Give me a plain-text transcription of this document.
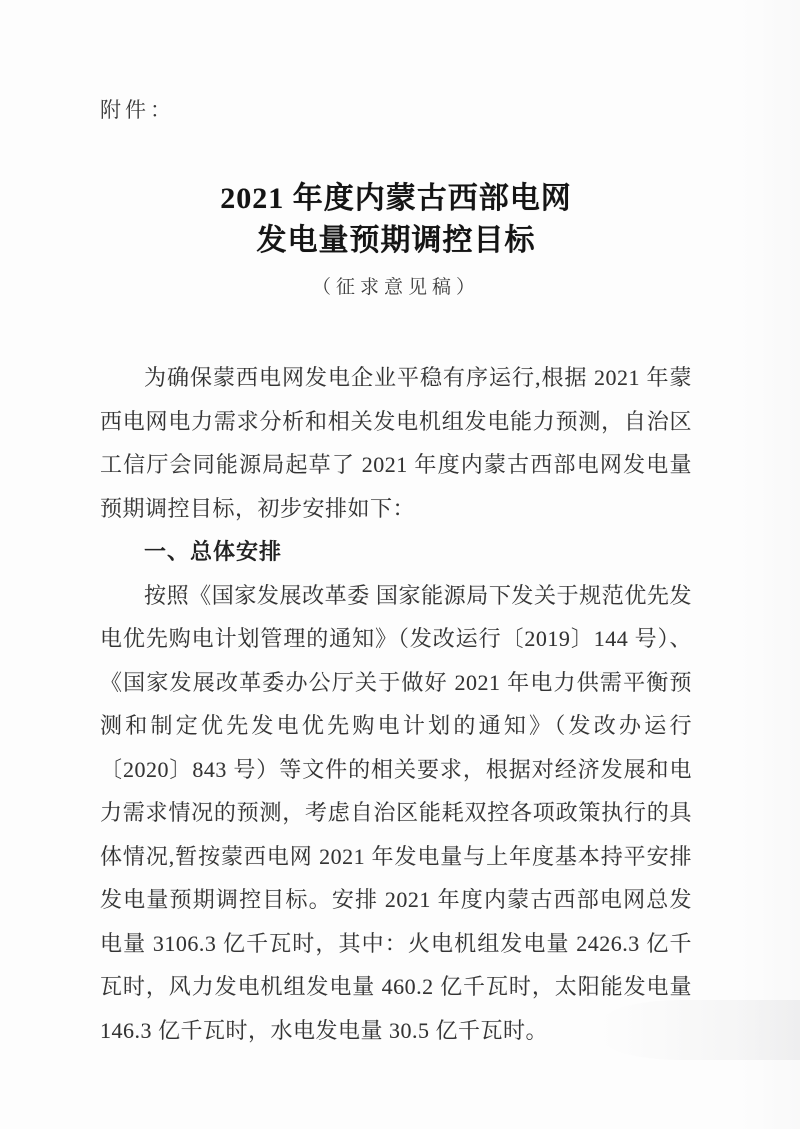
附件：
2021 年度内蒙古西部电网
发电量预期调控目标
（征求意见稿）

为确保蒙西电网发电企业平稳有序运行,根据 2021 年蒙西电网电力需求分析和相关发电机组发电能力预测，自治区工信厅会同能源局起草了 2021 年度内蒙古西部电网发电量预期调控目标，初步安排如下：

一、总体安排

按照《国家发展改革委 国家能源局下发关于规范优先发电优先购电计划管理的通知》（发改运行〔2019〕144 号）、《国家发展改革委办公厅关于做好 2021 年电力供需平衡预测和制定优先发电优先购电计划的通知》（发改办运行〔2020〕843 号）等文件的相关要求，根据对经济发展和电力需求情况的预测，考虑自治区能耗双控各项政策执行的具体情况,暂按蒙西电网 2021 年发电量与上年度基本持平安排发电量预期调控目标。安排 2021 年度内蒙古西部电网总发电量 3106.3 亿千瓦时，其中：火电机组发电量 2426.3 亿千瓦时，风力发电机组发电量 460.2 亿千瓦时，太阳能发电量 146.3 亿千瓦时，水电发电量 30.5 亿千瓦时。
